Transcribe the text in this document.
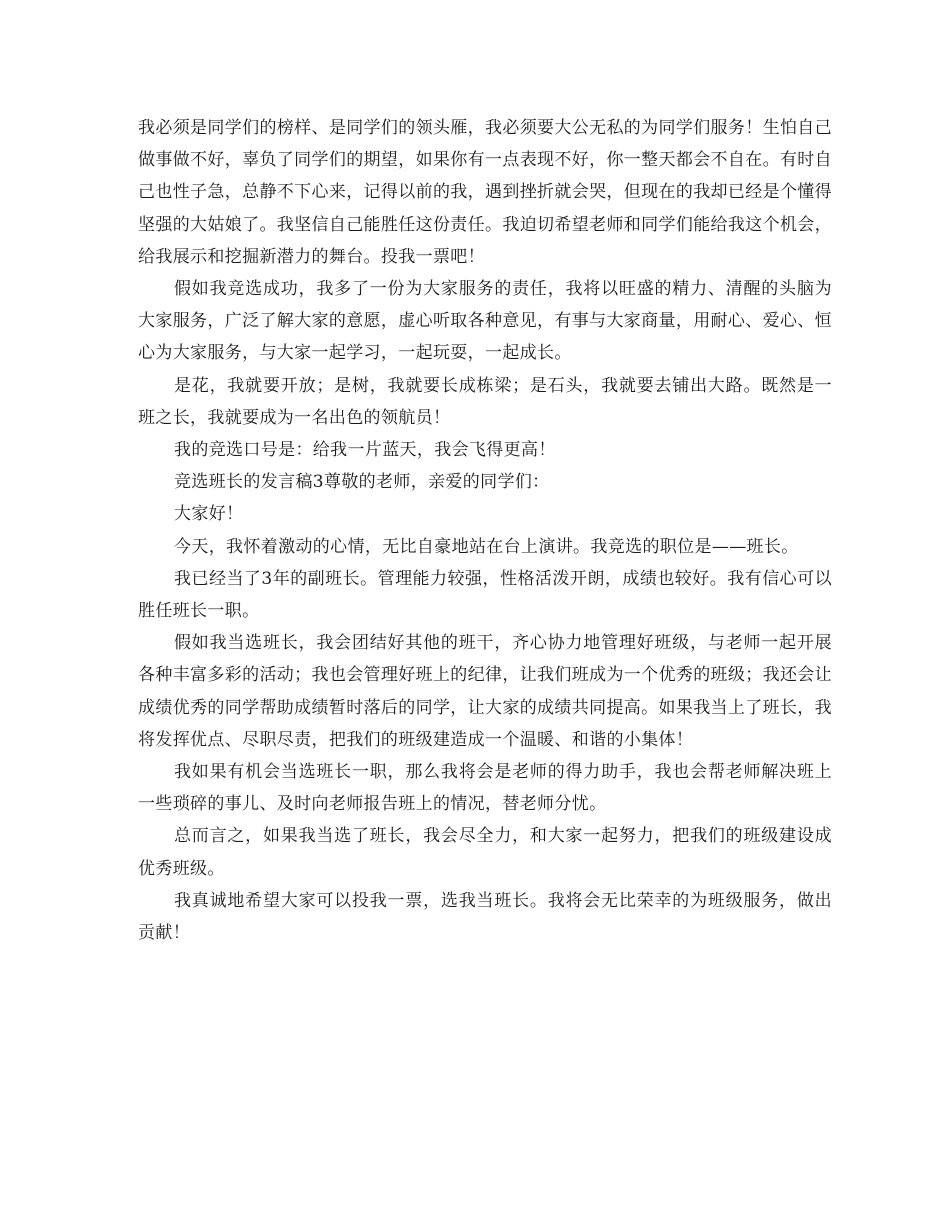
我必须是同学们的榜样、是同学们的领头雁，我必须要大公无私的为同学们服务！生怕自己做事做不好，辜负了同学们的期望，如果你有一点表现不好，你一整天都会不自在。有时自己也性子急，总静不下心来，记得以前的我，遇到挫折就会哭，但现在的我却已经是个懂得坚强的大姑娘了。我坚信自己能胜任这份责任。我迫切希望老师和同学们能给我这个机会，给我展示和挖掘新潜力的舞台。投我一票吧！

假如我竞选成功，我多了一份为大家服务的责任，我将以旺盛的精力、清醒的头脑为大家服务，广泛了解大家的意愿，虚心听取各种意见，有事与大家商量，用耐心、爱心、恒心为大家服务，与大家一起学习，一起玩耍，一起成长。

是花，我就要开放；是树，我就要长成栋梁；是石头，我就要去铺出大路。既然是一班之长，我就要成为一名出色的领航员！

我的竞选口号是：给我一片蓝天，我会飞得更高！

竞选班长的发言稿3尊敬的老师，亲爱的同学们：

大家好！

今天，我怀着激动的心情，无比自豪地站在台上演讲。我竞选的职位是——班长。

我已经当了3年的副班长。管理能力较强，性格活泼开朗，成绩也较好。我有信心可以胜任班长一职。

假如我当选班长，我会团结好其他的班干，齐心协力地管理好班级，与老师一起开展各种丰富多彩的活动；我也会管理好班上的纪律，让我们班成为一个优秀的班级；我还会让成绩优秀的同学帮助成绩暂时落后的同学，让大家的成绩共同提高。如果我当上了班长，我将发挥优点、尽职尽责，把我们的班级建造成一个温暖、和谐的小集体！

我如果有机会当选班长一职，那么我将会是老师的得力助手，我也会帮老师解决班上一些琐碎的事儿、及时向老师报告班上的情况，替老师分忧。

总而言之，如果我当选了班长，我会尽全力，和大家一起努力，把我们的班级建设成优秀班级。

我真诚地希望大家可以投我一票，选我当班长。我将会无比荣幸的为班级服务，做出贡献！
